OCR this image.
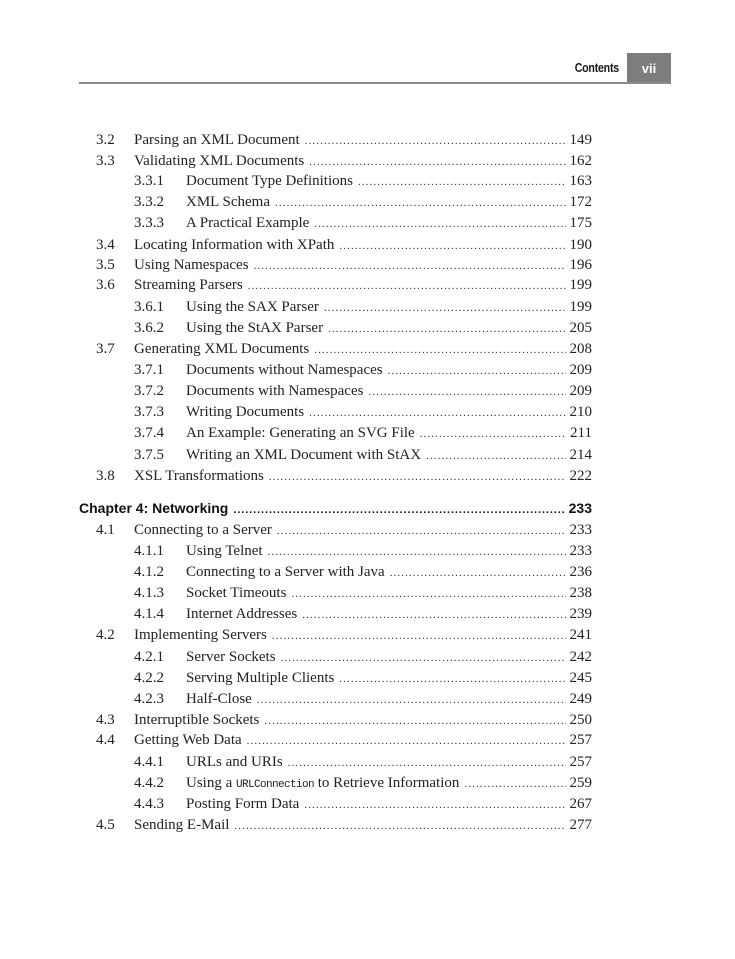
Contents	vii
3.2 Parsing an XML Document .....	149
3.3 Validating XML Documents .....	162
3.3.1 Document Type Definitions .....	163
3.3.2 XML Schema .....	172
3.3.3 A Practical Example .....	175
3.4 Locating Information with XPath .....	190
3.5 Using Namespaces .....	196
3.6 Streaming Parsers .....	199
3.6.1 Using the SAX Parser .....	199
3.6.2 Using the StAX Parser .....	205
3.7 Generating XML Documents .....	208
3.7.1 Documents without Namespaces .....	209
3.7.2 Documents with Namespaces .....	209
3.7.3 Writing Documents .....	210
3.7.4 An Example: Generating an SVG File .....	211
3.7.5 Writing an XML Document with StAX .....	214
3.8 XSL Transformations .....	222
Chapter 4: Networking .....	233
4.1 Connecting to a Server .....	233
4.1.1 Using Telnet .....	233
4.1.2 Connecting to a Server with Java .....	236
4.1.3 Socket Timeouts .....	238
4.1.4 Internet Addresses .....	239
4.2 Implementing Servers .....	241
4.2.1 Server Sockets .....	242
4.2.2 Serving Multiple Clients .....	245
4.2.3 Half-Close .....	249
4.3 Interruptible Sockets .....	250
4.4 Getting Web Data .....	257
4.4.1 URLs and URIs .....	257
4.4.2 Using a URLConnection to Retrieve Information .....	259
4.4.3 Posting Form Data .....	267
4.5 Sending E-Mail .....	277
